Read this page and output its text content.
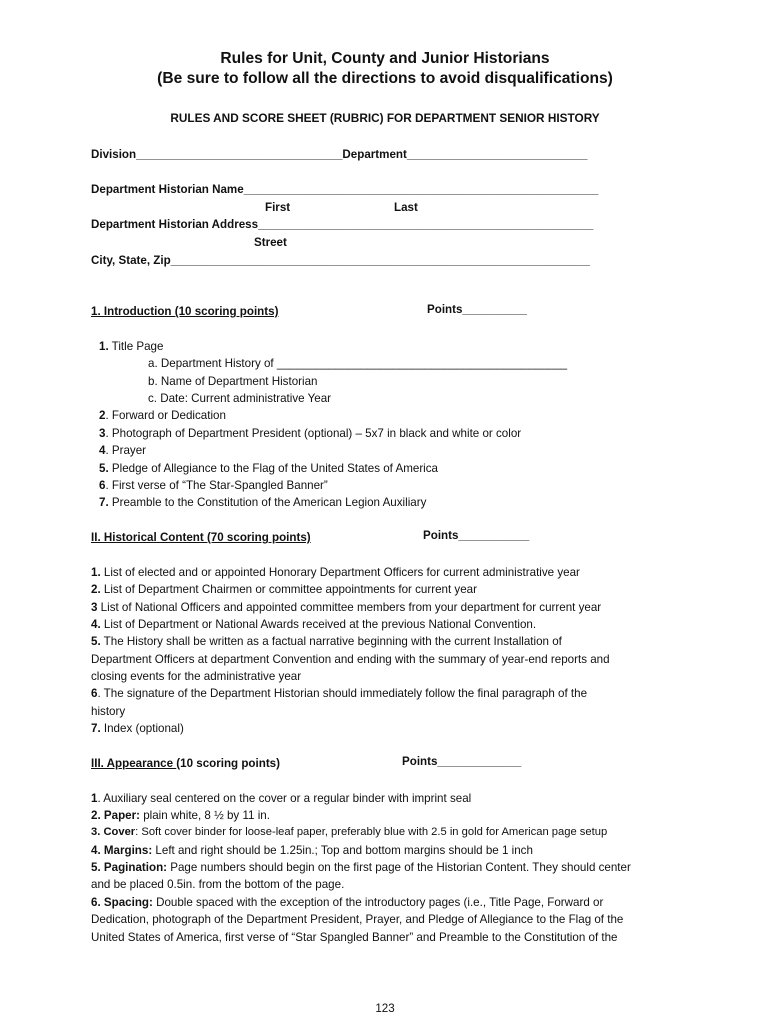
Rules for Unit, County and Junior Historians
(Be sure to follow all the directions to avoid disqualifications)
RULES AND SCORE SHEET (RUBRIC) FOR DEPARTMENT SENIOR HISTORY
Division________________________________Department____________________________
Department Historian Name_______________________________________________________
First	Last
Department Historian Address____________________________________________________
Street
City, State, Zip_________________________________________________________________
1. Introduction (10 scoring points)	Points__________
1. Title Page
a. Department History of _____________________________________________
b. Name of Department Historian
c. Date: Current administrative Year
2. Forward or Dedication
3. Photograph of Department President (optional) – 5x7 in black and white or color
4. Prayer
5. Pledge of Allegiance to the Flag of the United States of America
6. First verse of “The Star-Spangled Banner”
7. Preamble to the Constitution of the American Legion Auxiliary
II. Historical Content (70 scoring points)	Points___________
1. List of elected and or appointed Honorary Department Officers for current administrative year
2. List of Department Chairmen or committee appointments for current year
3 List of National Officers and appointed committee members from your department for current year
4. List of Department or National Awards received at the previous National Convention.
5. The History shall be written as a factual narrative beginning with the current Installation of
Department Officers at department Convention and ending with the summary of year-end reports and
closing events for the administrative year
6. The signature of the Department Historian should immediately follow the final paragraph of the
history
7. Index (optional)
III. Appearance (10 scoring points)	Points_____________
1. Auxiliary seal centered on the cover or a regular binder with imprint seal
2. Paper: plain white, 8 ½ by 11 in.
3. Cover: Soft cover binder for loose-leaf paper, preferably blue with 2.5 in gold for American page setup
4. Margins: Left and right should be 1.25in.; Top and bottom margins should be 1 inch
5. Pagination: Page numbers should begin on the first page of the Historian Content. They should center
and be placed 0.5in. from the bottom of the page.
6. Spacing: Double spaced with the exception of the introductory pages (i.e., Title Page, Forward or
Dedication, photograph of the Department President, Prayer, and Pledge of Allegiance to the Flag of the
United States of America, first verse of “Star Spangled Banner” and Preamble to the Constitution of the
123
